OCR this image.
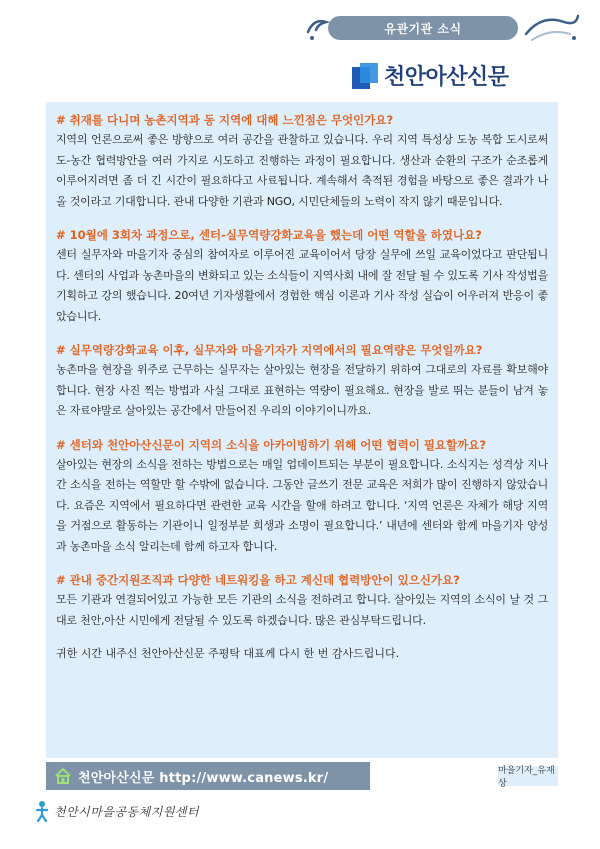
유관기관 소식
천안아산신문
# 취재를 다니며 농촌지역과 동 지역에 대해 느낀점은 무엇인가요?
지역의 언론으로써 좋은 방향으로 여러 공간을 관찰하고 있습니다. 우리 지역 특성상 도농 복합 도시로써 도-농간 협력방안을 여러 가지로 시도하고 진행하는 과정이 필요합니다. 생산과 순환의 구조가 순조롭게 이루어지려면 좀 더 긴 시간이 필요하다고 사료됩니다. 계속해서 축적된 경험을 바탕으로 좋은 결과가 나올 것이라고 기대합니다. 관내 다양한 기관과 NGO, 시민단체들의 노력이 작지 않기 때문입니다.
# 10월에 3회차 과정으로, 센터-실무역량강화교육을 했는데 어떤 역할을 하였나요?
센터 실무자와 마을기자 중심의 참여자로 이루어진 교육이어서 당장 실무에 쓰일 교육이었다고 판단됩니다. 센터의 사업과 농촌마을의 변화되고 있는 소식들이 지역사회 내에 잘 전달 될 수 있도록 기사 작성법을 기획하고 강의 했습니다. 20여년 기자생활에서 경험한 핵심 이론과 기사 작성 실습이 어우러져 반응이 좋았습니다.
# 실무역량강화교육 이후, 실무자와 마을기자가 지역에서의 필요역량은 무엇일까요?
농촌마을 현장을 위주로 근무하는 실무자는 살아있는 현장을 전달하기 위하여 그대로의 자료를 확보해야합니다. 현장 사진 찍는 방법과 사실 그대로 표현하는 역량이 필요해요. 현장을 발로 뛰는 분들이 남겨 놓은 자료야말로 살아있는 공간에서 만들어진 우리의 이야기이니까요.
# 센터와 천안아산신문이 지역의 소식을 아카이빙하기 위해 어떤 협력이 필요할까요?
살아있는 현장의 소식을 전하는 방법으로는 매일 업데이트되는 부분이 필요합니다. 소식지는 성격상 지나간 소식을 전하는 역할만 할 수밖에 없습니다. 그동안 글쓰기 전문 교육은 저희가 많이 진행하지 않았습니다. 요즘은 지역에서 필요하다면 관련한 교육 시간을 할애 하려고 합니다. ‘지역 언론은 자체가 해당 지역을 거점으로 활동하는 기관이니 일정부분 희생과 소명이 필요합니다.’ 내년에 센터와 함께 마을기자 양성과 농촌마을 소식 알리는데 함께 하고자 합니다.
# 관내 중간지원조직과 다양한 네트워킹을 하고 계신데 협력방안이 있으신가요?
모든 기관과 연결되어있고 가능한 모든 기관의 소식을 전하려고 합니다. 살아있는 지역의 소식이 날 것 그대로 천안,아산 시민에게 전달될 수 있도록 하겠습니다. 많은 관심부탁드립니다.
귀한 시간 내주신 천안아산신문 주평탁 대표께 다시 한 번 감사드립니다.
천안아산신문 http://www.canews.kr/	마을기자_유재상
천안시마을공동체지원센터
